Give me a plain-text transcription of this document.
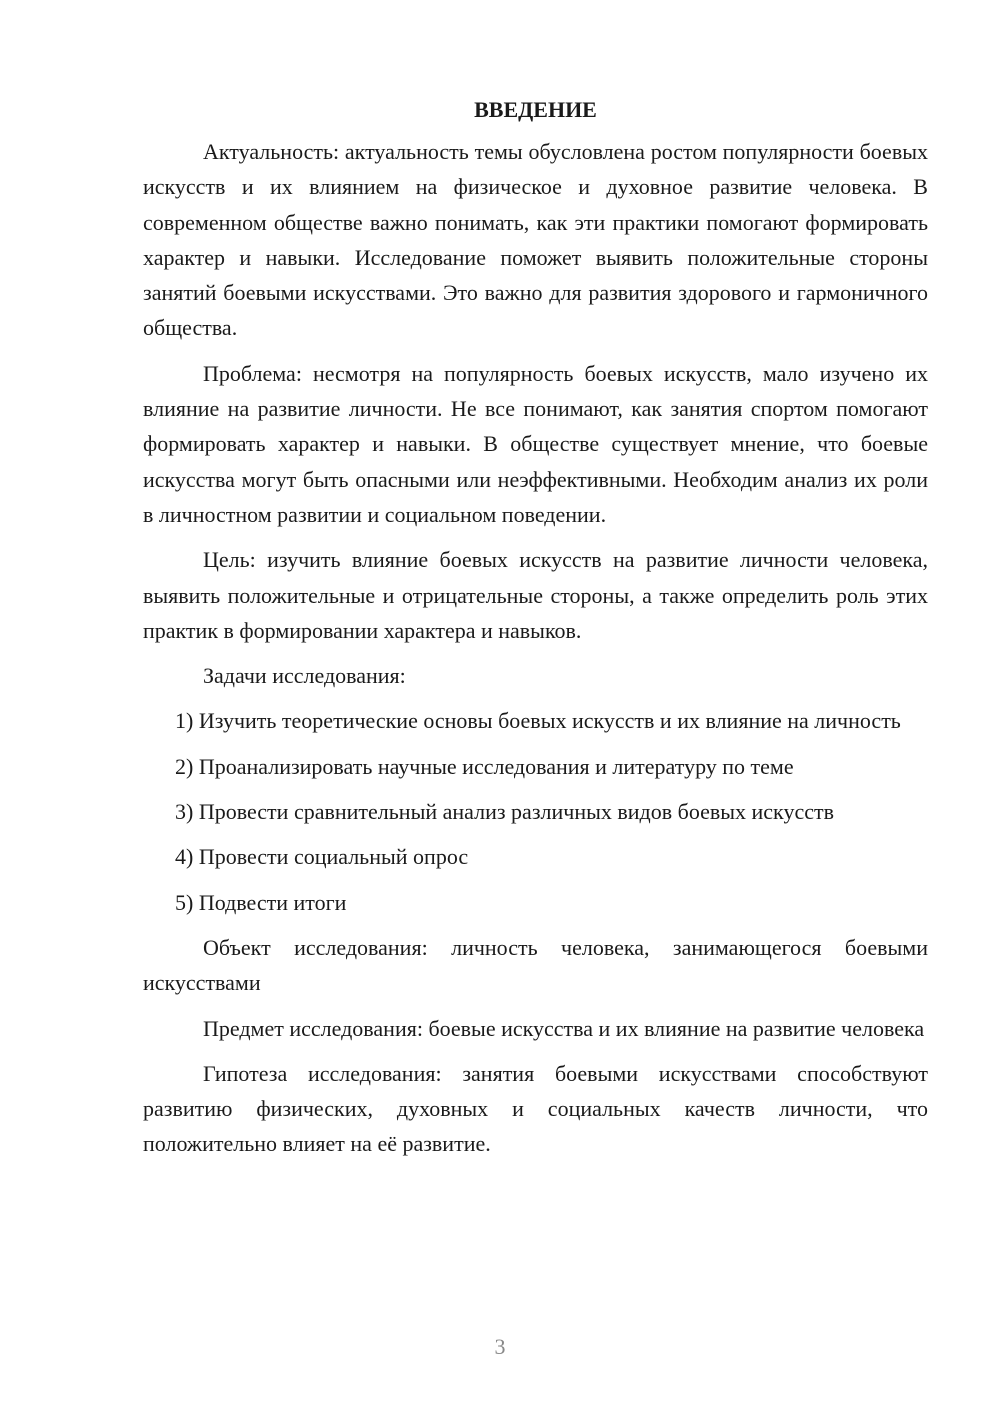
ВВЕДЕНИЕ

Актуальность: актуальность темы обусловлена ростом популярности боевых искусств и их влиянием на физическое и духовное развитие человека. В современном обществе важно понимать, как эти практики помогают формировать характер и навыки. Исследование поможет выявить положительные стороны занятий боевыми искусствами. Это важно для развития здорового и гармоничного общества.

Проблема: несмотря на популярность боевых искусств, мало изучено их влияние на развитие личности. Не все понимают, как занятия спортом помогают формировать характер и навыки. В обществе существует мнение, что боевые искусства могут быть опасными или неэффективными. Необходим анализ их роли в личностном развитии и социальном поведении.

Цель: изучить влияние боевых искусств на развитие личности человека, выявить положительные и отрицательные стороны, а также определить роль этих практик в формировании характера и навыков.

Задачи исследования:

1) Изучить теоретические основы боевых искусств и их влияние на личность

2) Проанализировать научные исследования и литературу по теме

3) Провести сравнительный анализ различных видов боевых искусств

4) Провести социальный опрос

5) Подвести итоги

Объект исследования: личность человека, занимающегося боевыми искусствами

Предмет исследования: боевые искусства и их влияние на развитие человека

Гипотеза исследования: занятия боевыми искусствами способствуют развитию физических, духовных и социальных качеств личности, что положительно влияет на её развитие.

3
